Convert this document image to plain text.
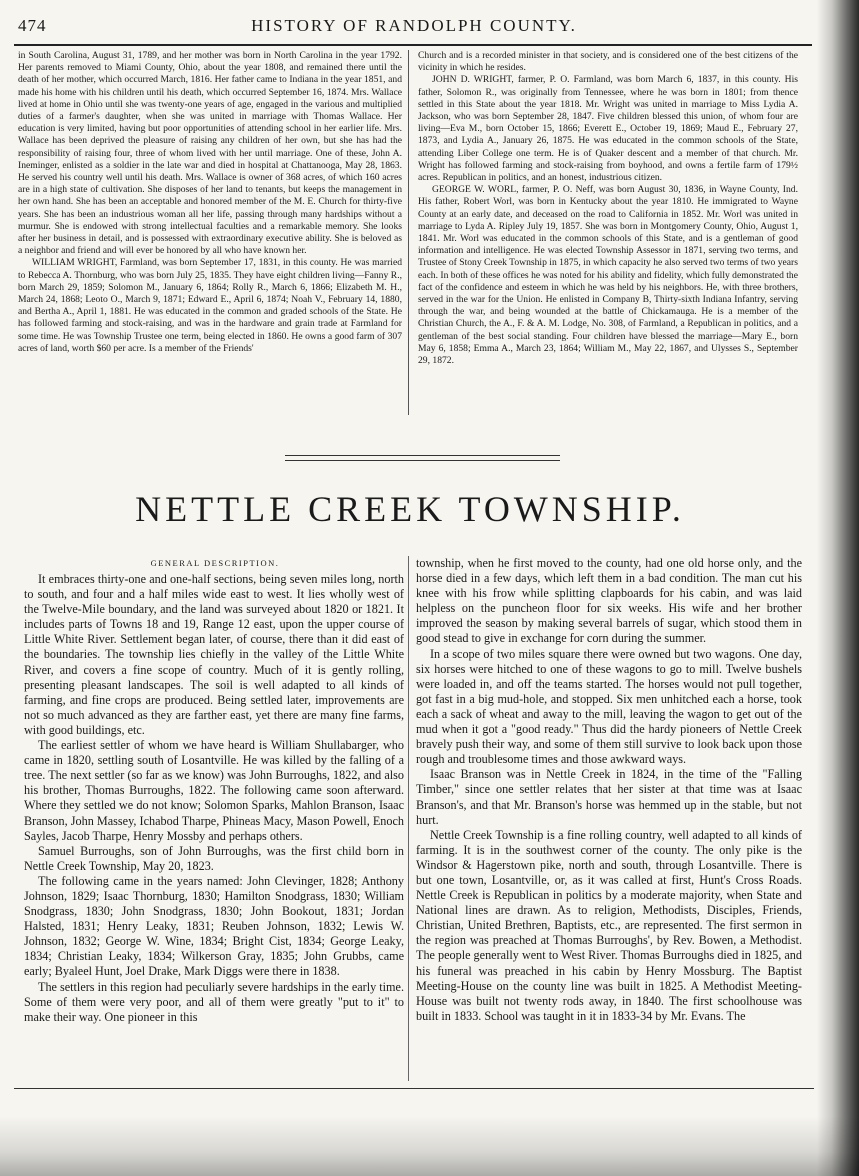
474	HISTORY OF RANDOLPH COUNTY.

in South Carolina, August 31, 1789, and her mother was born in North Carolina in the year 1792. Her parents removed to Miami County, Ohio, about the year 1808, and remained there until the death of her mother, which occurred March, 1816. Her father came to Indiana in the year 1851, and made his home with his children until his death, which occurred September 16, 1874. Mrs. Wallace lived at home in Ohio until she was twenty-one years of age, engaged in the various and multiplied duties of a farmer's daughter, when she was united in marriage with Thomas Wallace. Her education is very limited, having but poor opportunities of attending school in her earlier life. Mrs. Wallace has been deprived the pleasure of raising any children of her own, but she has had the responsibility of raising four, three of whom lived with her until marriage. One of these, John A. Ineminger, enlisted as a soldier in the late war and died in hospital at Chattanooga, May 28, 1863. He served his country well until his death. Mrs. Wallace is owner of 368 acres, of which 160 acres are in a high state of cultivation. She disposes of her land to tenants, but keeps the management in her own hand. She has been an acceptable and honored member of the M. E. Church for thirty-five years. She has been an industrious woman all her life, passing through many hardships without a murmur. She is endowed with strong intellectual faculties and a remarkable memory. She looks after her business in detail, and is possessed with extraordinary executive ability. She is beloved as a neighbor and friend and will ever be honored by all who have known her.

WILLIAM WRIGHT, Farmland, was born September 17, 1831, in this county. He was married to Rebecca A. Thornburg, who was born July 25, 1835. They have eight children living—Fanny R., born March 29, 1859; Solomon M., January 6, 1864; Rolly R., March 6, 1866; Elizabeth M. H., March 24, 1868; Leoto O., March 9, 1871; Edward E., April 6, 1874; Noah V., February 14, 1880, and Bertha A., April 1, 1881. He was educated in the common and graded schools of the State. He has followed farming and stock-raising, and was in the hardware and grain trade at Farmland for some time. He was Township Trustee one term, being elected in 1860. He owns a good farm of 307 acres of land, worth $60 per acre. Is a member of the Friends'

Church and is a recorded minister in that society, and is considered one of the best citizens of the vicinity in which he resides.

JOHN D. WRIGHT, farmer, P. O. Farmland, was born March 6, 1837, in this county. His father, Solomon R., was originally from Tennessee, where he was born in 1801; from thence settled in this State about the year 1818. Mr. Wright was united in marriage to Miss Lydia A. Jackson, who was born September 28, 1847. Five children blessed this union, of whom four are living—Eva M., born October 15, 1866; Everett E., October 19, 1869; Maud E., February 27, 1873, and Lydia A., January 26, 1875. He was educated in the common schools of the State, attending Liber College one term. He is of Quaker descent and a member of that church. Mr. Wright has followed farming and stock-raising from boyhood, and owns a fertile farm of 179½ acres. Republican in politics, and an honest, industrious citizen.

GEORGE W. WORL, farmer, P. O. Neff, was born August 30, 1836, in Wayne County, Ind. His father, Robert Worl, was born in Kentucky about the year 1810. He immigrated to Wayne County at an early date, and deceased on the road to California in 1852. Mr. Worl was united in marriage to Lyda A. Ripley July 19, 1857. She was born in Montgomery County, Ohio, August 1, 1841. Mr. Worl was educated in the common schools of this State, and is a gentleman of good information and intelligence. He was elected Township Assessor in 1871, serving two terms, and Trustee of Stony Creek Township in 1875, in which capacity he also served two terms of two years each. In both of these offices he was noted for his ability and fidelity, which fully demonstrated the fact of the confidence and esteem in which he was held by his neighbors. He, with three brothers, served in the war for the Union. He enlisted in Company B, Thirty-sixth Indiana Infantry, serving through the war, and being wounded at the battle of Chickamauga. He is a member of the Christian Church, the A., F. & A. M. Lodge, No. 308, of Farmland, a Republican in politics, and a gentleman of the best social standing. Four children have blessed the marriage—Mary E., born May 6, 1858; Emma A., March 23, 1864; William M., May 22, 1867, and Ulysses S., September 29, 1872.

NETTLE CREEK TOWNSHIP.
GENERAL DESCRIPTION.

It embraces thirty-one and one-half sections, being seven miles long, north to south, and four and a half miles wide east to west. It lies wholly west of the Twelve-Mile boundary, and the land was surveyed about 1820 or 1821. It includes parts of Towns 18 and 19, Range 12 east, upon the upper course of Little White River. Settlement began later, of course, there than it did east of the boundaries. The township lies chiefly in the valley of the Little White River, and covers a fine scope of country. Much of it is gently rolling, presenting pleasant landscapes. The soil is well adapted to all kinds of farming, and fine crops are produced. Being settled later, improvements are not so much advanced as they are farther east, yet there are many fine farms, with good buildings, etc.

The earliest settler of whom we have heard is William Shullabarger, who came in 1820, settling south of Losantville. He was killed by the falling of a tree. The next settler (so far as we know) was John Burroughs, 1822, and also his brother, Thomas Burroughs, 1822. The following came soon afterward. Where they settled we do not know; Solomon Sparks, Mahlon Branson, Isaac Branson, John Massey, Ichabod Tharpe, Phineas Macy, Mason Powell, Enoch Sayles, Jacob Tharpe, Henry Mossby and perhaps others.

Samuel Burroughs, son of John Burroughs, was the first child born in Nettle Creek Township, May 20, 1823.

The following came in the years named: John Clevinger, 1828; Anthony Johnson, 1829; Isaac Thornburg, 1830; Hamilton Snodgrass, 1830; William Snodgrass, 1830; John Snodgrass, 1830; John Bookout, 1831; Jordan Halsted, 1831; Henry Leaky, 1831; Reuben Johnson, 1832; Lewis W. Johnson, 1832; George W. Wine, 1834; Bright Cist, 1834; George Leaky, 1834; Christian Leaky, 1834; Wilkerson Gray, 1835; John Grubbs, came early; Byaleel Hunt, Joel Drake, Mark Diggs were there in 1838.

The settlers in this region had peculiarly severe hardships in the early time. Some of them were very poor, and all of them were greatly "put to it" to make their way. One pioneer in this

township, when he first moved to the county, had one old horse only, and the horse died in a few days, which left them in a bad condition. The man cut his knee with his frow while splitting clapboards for his cabin, and was laid helpless on the puncheon floor for six weeks. His wife and her brother improved the season by making several barrels of sugar, which stood them in good stead to give in exchange for corn during the summer.

In a scope of two miles square there were owned but two wagons. One day, six horses were hitched to one of these wagons to go to mill. Twelve bushels were loaded in, and off the teams started. The horses would not pull together, got fast in a big mud-hole, and stopped. Six men unhitched each a horse, took each a sack of wheat and away to the mill, leaving the wagon to get out of the mud when it got a "good ready." Thus did the hardy pioneers of Nettle Creek bravely push their way, and some of them still survive to look back upon those rough and troublesome times and those awkward ways.

Isaac Branson was in Nettle Creek in 1824, in the time of the "Falling Timber," since one settler relates that her sister at that time was at Isaac Branson's, and that Mr. Branson's horse was hemmed up in the stable, but not hurt.

Nettle Creek Township is a fine rolling country, well adapted to all kinds of farming. It is in the southwest corner of the county. The only pike is the Windsor & Hagerstown pike, north and south, through Losantville. There is but one town, Losantville, or, as it was called at first, Hunt's Cross Roads. Nettle Creek is Republican in politics by a moderate majority, when State and National lines are drawn. As to religion, Methodists, Disciples, Friends, Christian, United Brethren, Baptists, etc., are represented. The first sermon in the region was preached at Thomas Burroughs', by Rev. Bowen, a Methodist. The people generally went to West River. Thomas Burroughs died in 1825, and his funeral was preached in his cabin by Henry Mossburg. The Baptist Meeting-House on the county line was built in 1825. A Methodist Meeting-House was built not twenty rods away, in 1840. The first schoolhouse was built in 1833. School was taught in it in 1833-34 by Mr. Evans. The
